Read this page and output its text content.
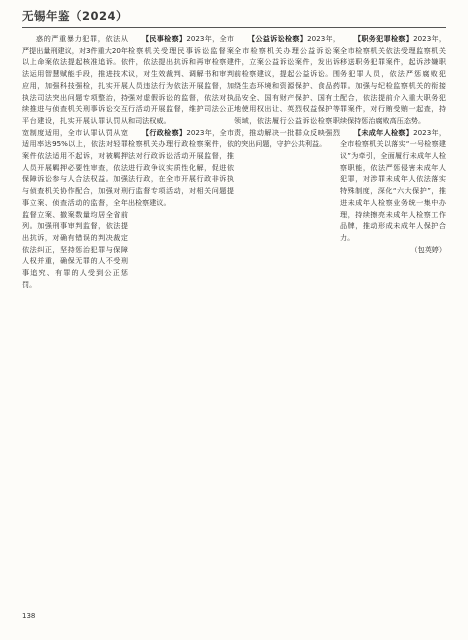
无锡年鉴（2024）

惑的严重暴力犯罪，依法从严提出量刑建议，对3件重大20年以上命案依法提起核准追诉。依法运用智慧赋能手段，推进技术应用，加强科技强检，扎实开展执法司法突出问题专项整治，持续推进与侦查机关刑事诉讼交互平台建设，扎实开展认罪认罚从宽制度适用，全市认罪认罚从宽适用率达95%以上，依法对轻罪案件依法适用不起诉，对被羁押人员开展羁押必要性审查，依法保障诉讼参与人合法权益。加强与侦查机关协作配合，加强对刑事立案、侦查活动的监督，全年监督立案、撤案数量均居全省前列。加强刑事审判监督，依法提出抗诉，对确有错误的判决裁定依法纠正，坚持惩治犯罪与保障人权并重，确保无罪的人不受刑事追究、有罪的人受到公正惩罚。

【民事检察】2023年，全市检察机关受理民事诉讼监督案件，依法提出抗诉和再审检察建议，对生效裁判、调解书和审判人员违法行为依法开展监督，加强对虚假诉讼的监督，依法对执行活动开展监督，维护司法公正和司法权威。

【行政检察】2023年，全市检察机关办理行政检察案件，依法对行政诉讼活动开展监督，推进行政争议实质性化解，促进依法行政，在全市开展行政非诉执行监督专项活动，对相关问题提出检察建议。

【公益诉讼检察】2023年，全市检察机关办理公益诉讼案件，立案公益诉讼案件，发出诉前检察建议，提起公益诉讼。围绕生态环境和资源保护、食品药品安全、国有财产保护、国有土地使用权出让、英烈权益保护等领域，依法履行公益诉讼检察职责，推动解决一批群众反映强烈的突出问题，守护公共利益。

【职务犯罪检察】2023年，全市检察机关依法受理监察机关移送职务犯罪案件，起诉涉嫌职务犯罪人员，依法严惩腐败犯罪。加强与纪检监察机关的衔接配合，依法提前介入重大职务犯罪案件，对行贿受贿一起查，持续保持惩治腐败高压态势。

【未成年人检察】2023年，全市检察机关以落实“一号检察建议”为牵引，全面履行未成年人检察职能，依法严惩侵害未成年人犯罪，对涉罪未成年人依法落实特殊制度，深化“六大保护”，推进未成年人检察业务统一集中办理，持续擦亮未成年人检察工作品牌，推动形成未成年人保护合力。

（包英婷）

138
